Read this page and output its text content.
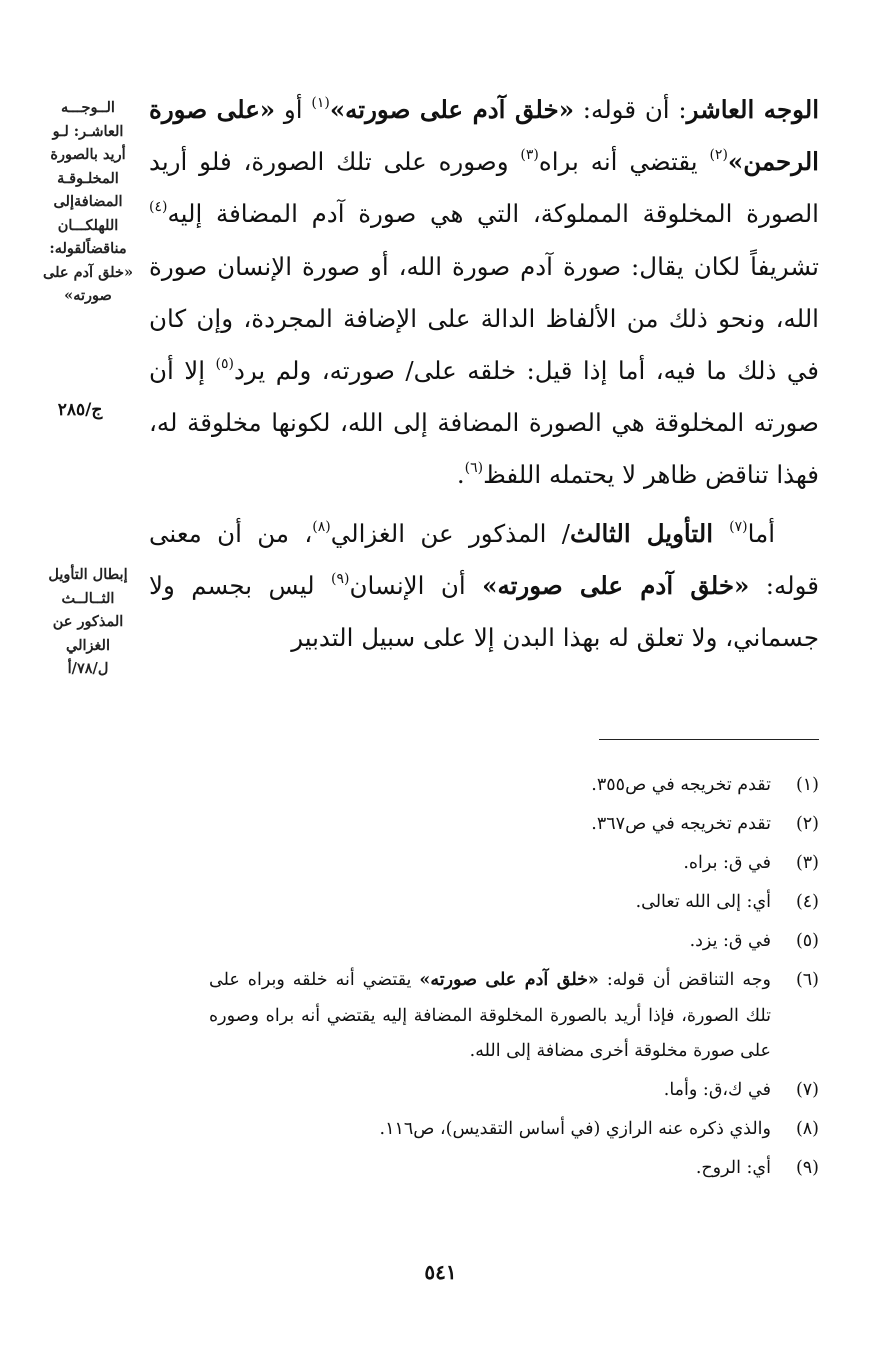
الوجه العاشر: أن قوله: «خلق آدم على صورته»$^{(١)}$ أو «على صورة الرحمن»$^{(٢)}$ يقتضي أنه براه$^{(٣)}$ وصوره على تلك الصورة، فلو أريد الصورة المخلوقة المملوكة، التي هي صورة آدم المضافة إليه$^{(٤)}$ تشريفاً لكان يقال: صورة آدم صورة الله، أو صورة الإنسان صورة الله، ونحو ذلك من الألفاظ الدالة على الإضافة المجردة، وإن كان في ذلك ما فيه، أما إذا قيل: خلقه على/ صورته، ولم يرد$^{(٥)}$ إلا أن صورته المخلوقة هي الصورة المضافة إلى الله، لكونها مخلوقة له، فهذا تناقض ظاهر لا يحتمله اللفظ$^{(٦)}$.

أما$^{(٧)}$ التأويل الثالث/ المذكور عن الغزالي$^{(٨)}$، من أن معنى قوله: «خلق آدم على صورته» أن الإنسان$^{(٩)}$ ليس بجسم ولا جسماني، ولا تعلق له بهذا البدن إلا على سبيل التدبير

الــوجـــه
العاشـر: لـو
أريد بالصورة
المخلـوقـة
المضافةإلى
اللهلكـــان
مناقضاًلقوله:
«خلق آدم على
صورته»
ج/٢٨٥
إبطال التأويل
الثــالــث
المذكور عن
الغزالي
ل/٧٨/أ
(١)
تقدم تخريجه في ص٣٥٥.
(٢)
تقدم تخريجه في ص٣٦٧.
(٣)
في ق: براه.
(٤)
أي: إلى الله تعالى.
(٥)
في ق: يزد.
(٦)
وجه التناقض أن قوله: «خلق آدم على صورته» يقتضي أنه خلقه وبراه على تلك الصورة، فإذا أريد بالصورة المخلوقة المضافة إليه يقتضي أنه براه وصوره على صورة مخلوقة أخرى مضافة إلى الله.
(٧)
في ك،ق: وأما.
(٨)
والذي ذكره عنه الرازي (في أساس التقديس)، ص١١٦.
(٩)
أي: الروح.
٥٤١
